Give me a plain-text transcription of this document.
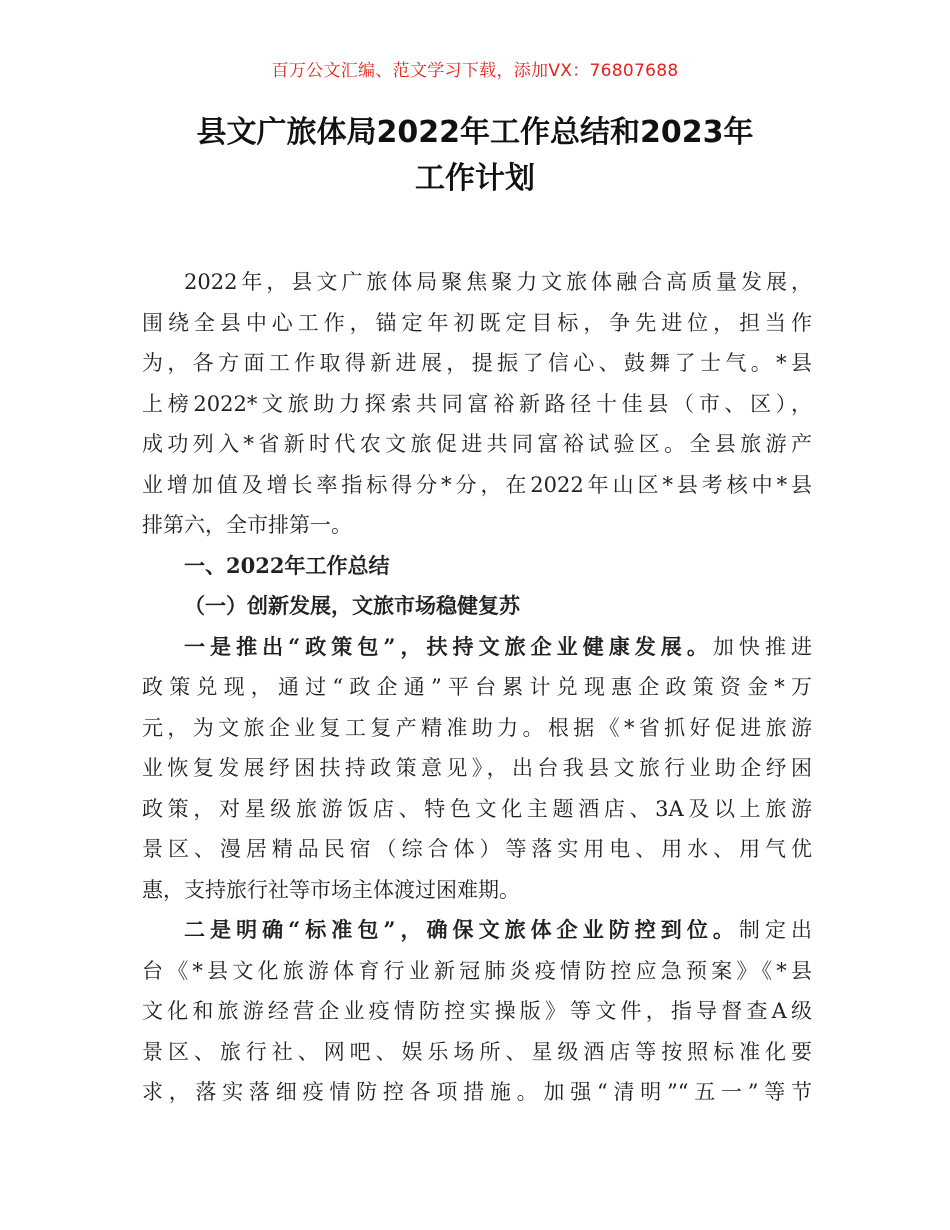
百万公文汇编、范文学习下载，添加VX：76807688
县文广旅体局2022年工作总结和2023年
工作计划
2022年，县文广旅体局聚焦聚力文旅体融合高质量发展，
围绕全县中心工作，锚定年初既定目标，争先进位，担当作
为，各方面工作取得新进展，提振了信心、鼓舞了士气。*县
上榜2022*文旅助力探索共同富裕新路径十佳县（市、区），
成功列入*省新时代农文旅促进共同富裕试验区。全县旅游产
业增加值及增长率指标得分*分，在2022年山区*县考核中*县
排第六，全市排第一。
一、2022年工作总结
（一）创新发展，文旅市场稳健复苏
一是推出“政策包”，扶持文旅企业健康发展。加快推进
政策兑现，通过“政企通”平台累计兑现惠企政策资金*万
元，为文旅企业复工复产精准助力。根据《*省抓好促进旅游
业恢复发展纾困扶持政策意见》，出台我县文旅行业助企纾困
政策，对星级旅游饭店、特色文化主题酒店、3A及以上旅游
景区、漫居精品民宿（综合体）等落实用电、用水、用气优
惠，支持旅行社等市场主体渡过困难期。
二是明确“标准包”，确保文旅体企业防控到位。制定出
台《*县文化旅游体育行业新冠肺炎疫情防控应急预案》《*县
文化和旅游经营企业疫情防控实操版》等文件，指导督查A级
景区、旅行社、网吧、娱乐场所、星级酒店等按照标准化要
求，落实落细疫情防控各项措施。加强“清明”“五一”等节
